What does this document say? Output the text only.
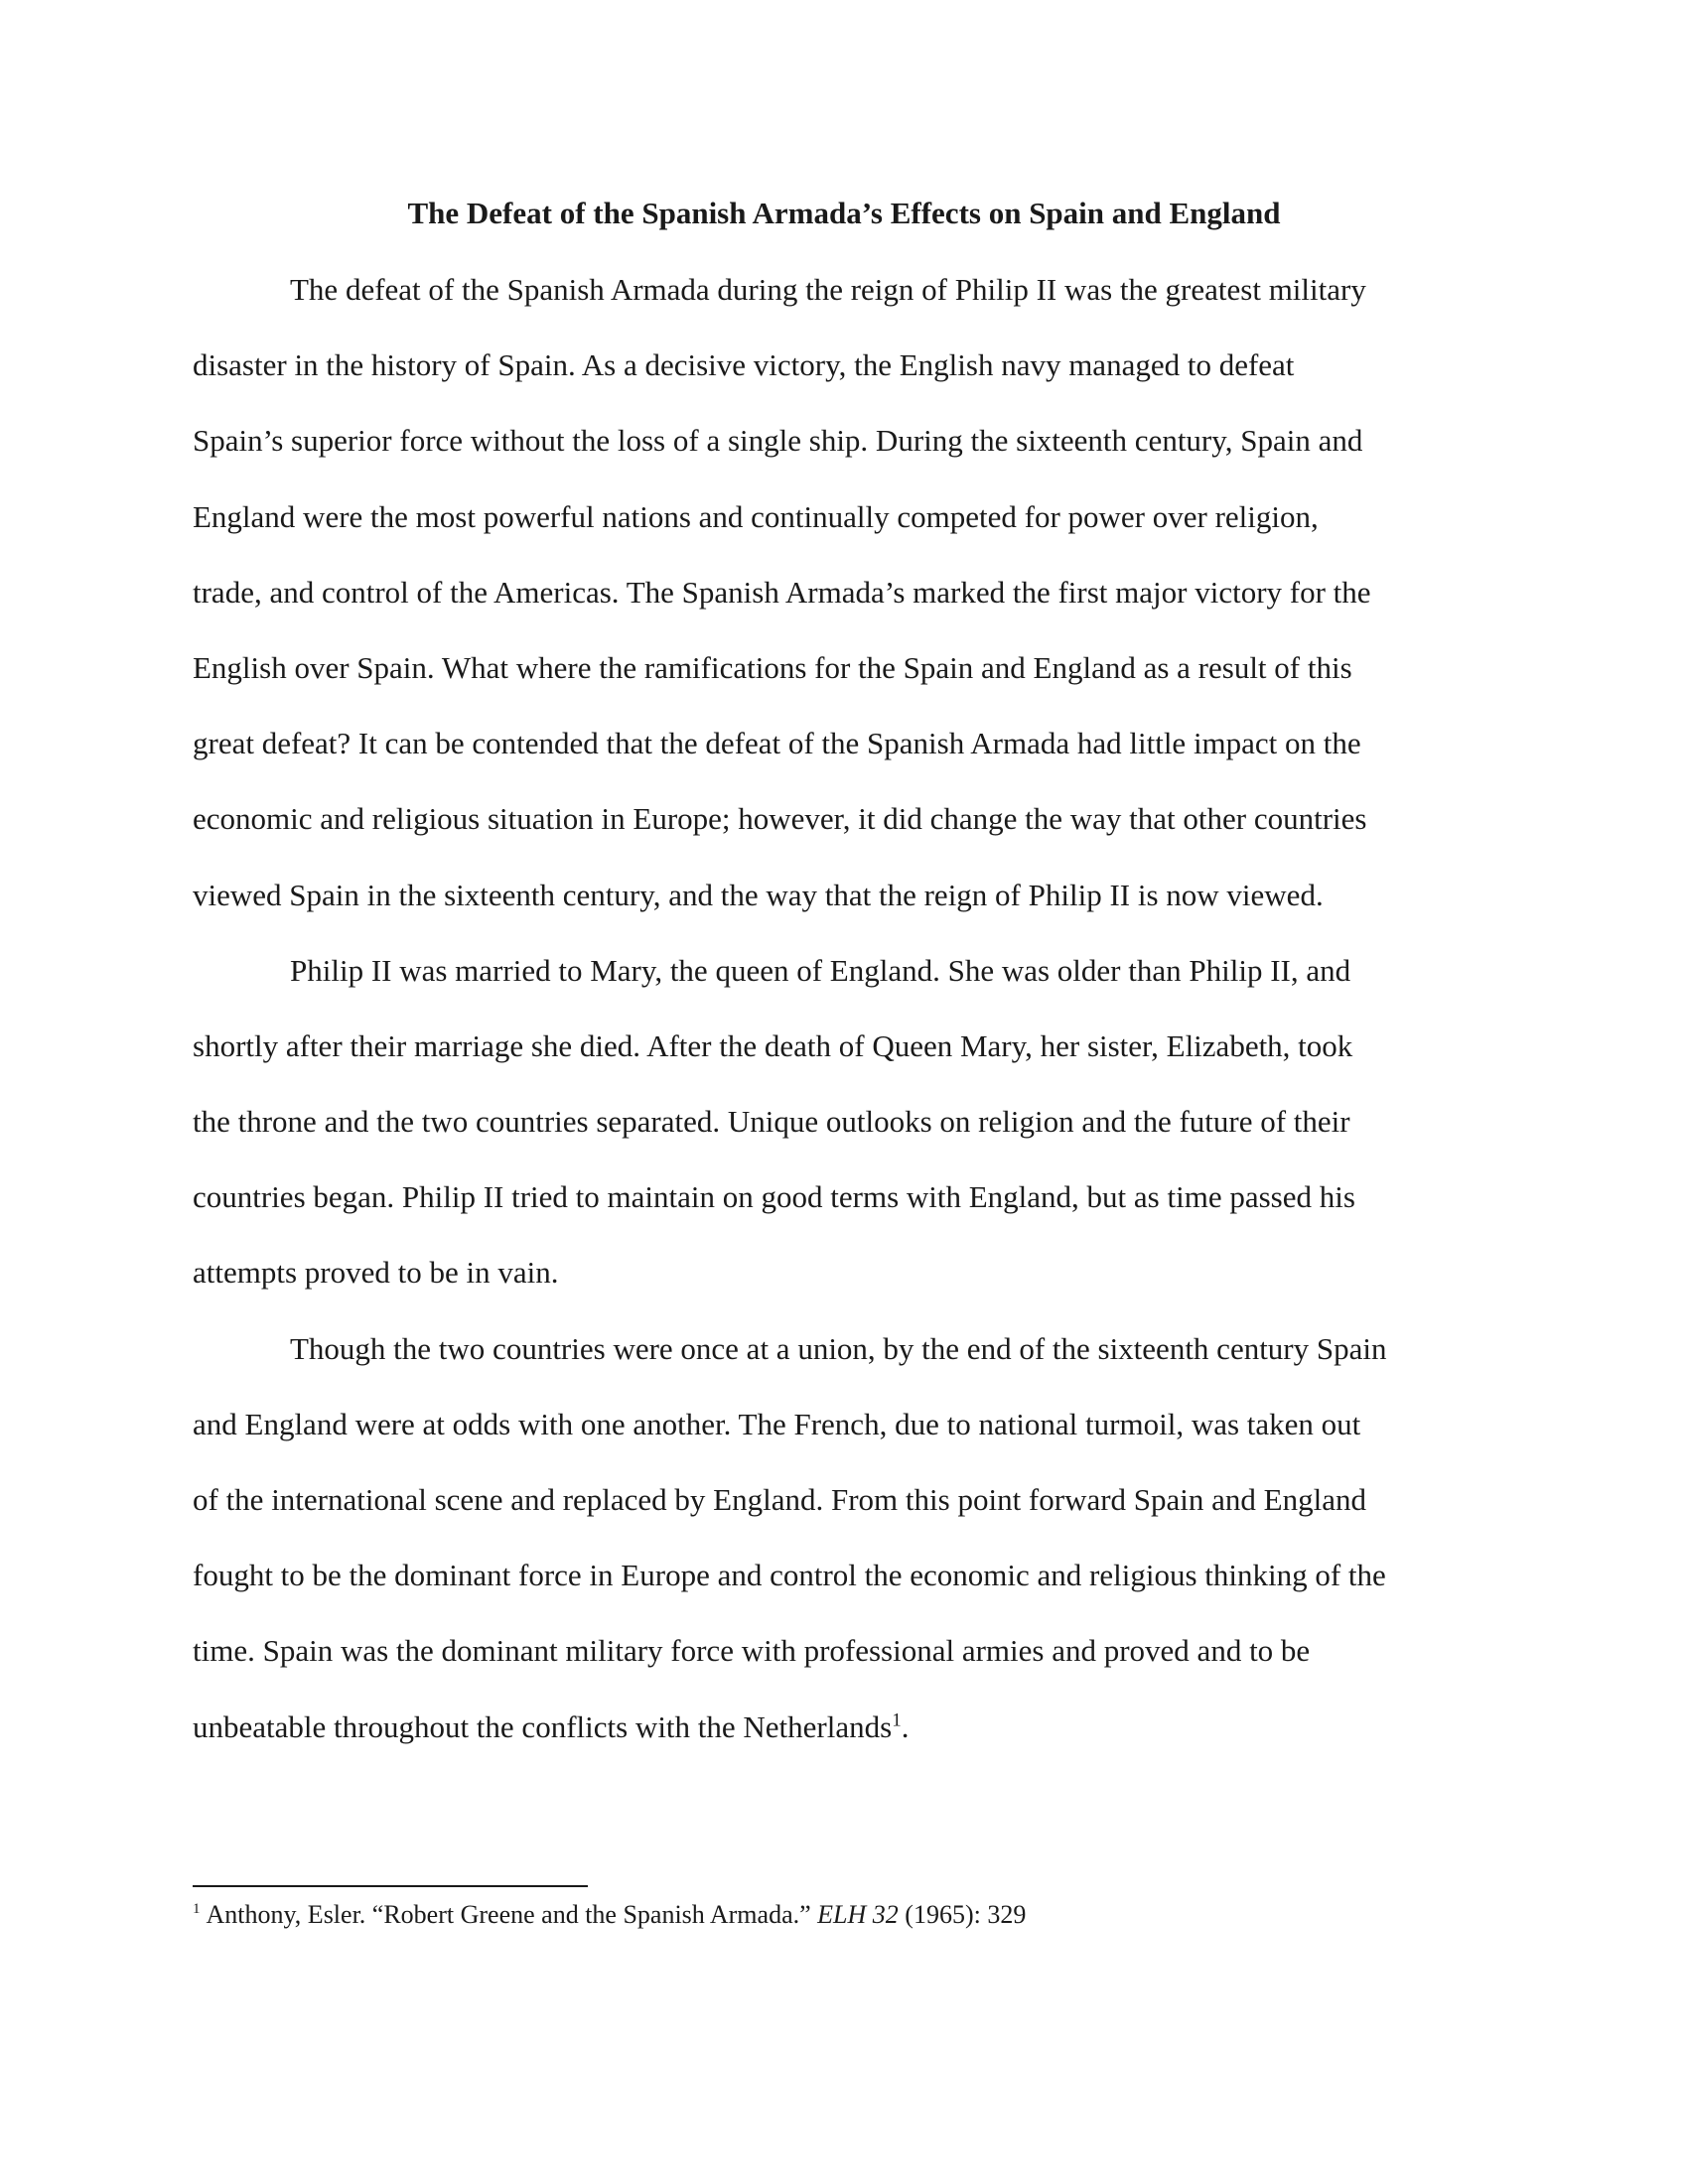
The Defeat of the Spanish Armada’s Effects on Spain and England
The defeat of the Spanish Armada during the reign of Philip II was the greatest military
disaster in the history of Spain. As a decisive victory, the English navy managed to defeat
Spain’s superior force without the loss of a single ship. During the sixteenth century, Spain and
England were the most powerful nations and continually competed for power over religion,
trade, and control of the Americas. The Spanish Armada’s marked the first major victory for the
English over Spain. What where the ramifications for the Spain and England as a result of this
great defeat? It can be contended that the defeat of the Spanish Armada had little impact on the
economic and religious situation in Europe; however, it did change the way that other countries
viewed Spain in the sixteenth century, and the way that the reign of Philip II is now viewed.
Philip II was married to Mary, the queen of England. She was older than Philip II, and
shortly after their marriage she died. After the death of Queen Mary, her sister, Elizabeth, took
the throne and the two countries separated. Unique outlooks on religion and the future of their
countries began. Philip II tried to maintain on good terms with England, but as time passed his
attempts proved to be in vain.
Though the two countries were once at a union, by the end of the sixteenth century Spain
and England were at odds with one another. The French, due to national turmoil, was taken out
of the international scene and replaced by England. From this point forward Spain and England
fought to be the dominant force in Europe and control the economic and religious thinking of the
time. Spain was the dominant military force with professional armies and proved and to be
unbeatable throughout the conflicts with the Netherlands$^1$.
$^1$ Anthony, Esler. “Robert Greene and the Spanish Armada.” ELH 32 (1965): 329
